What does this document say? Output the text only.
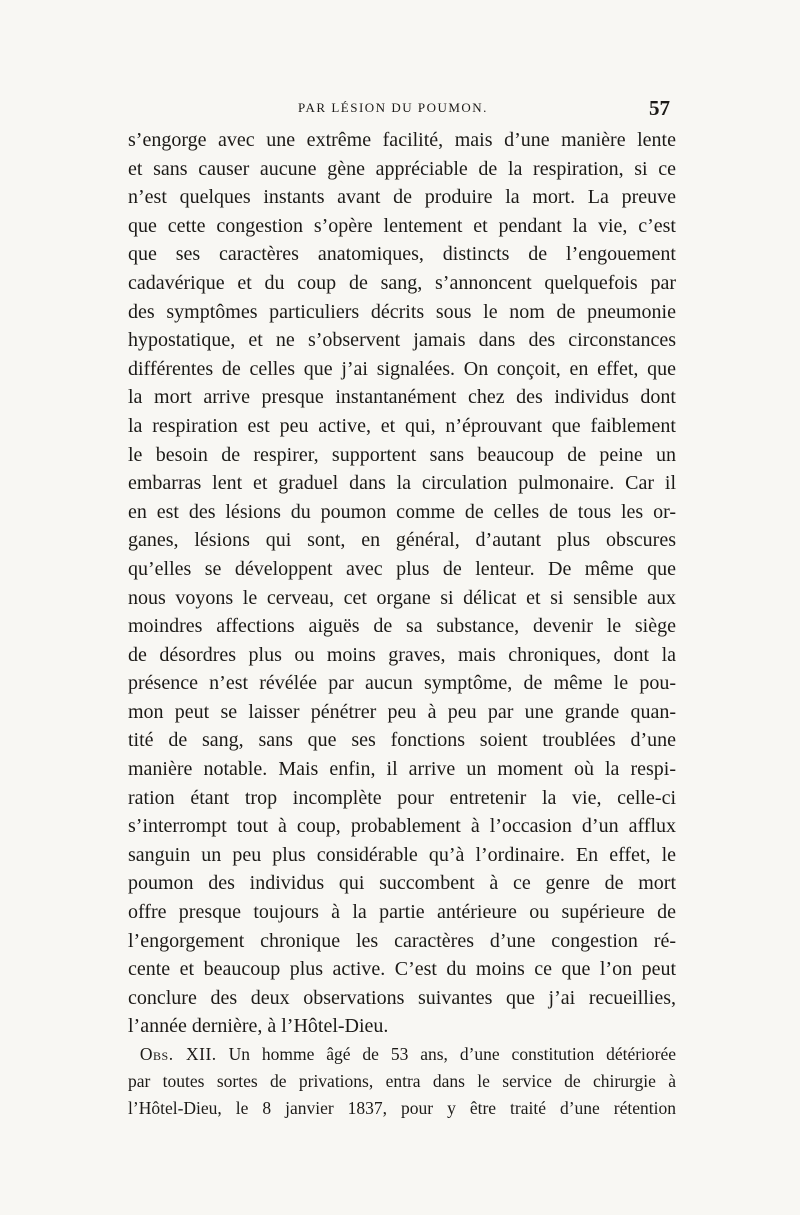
PAR LÉSION DU POUMON.	57
s’engorge avec une extrême facilité, mais d’une manière lente
et sans causer aucune gène appréciable de la respiration, si ce
n’est quelques instants avant de produire la mort. La preuve
que cette congestion s’opère lentement et pendant la vie, c’est
que ses caractères anatomiques, distincts de l’engouement
cadavérique et du coup de sang, s’annoncent quelquefois par
des symptômes particuliers décrits sous le nom de pneumonie
hypostatique, et ne s’observent jamais dans des circonstances
différentes de celles que j’ai signalées. On conçoit, en effet, que
la mort arrive presque instantanément chez des individus dont
la respiration est peu active, et qui, n’éprouvant que faiblement
le besoin de respirer, supportent sans beaucoup de peine un
embarras lent et graduel dans la circulation pulmonaire. Car il
en est des lésions du poumon comme de celles de tous les or-
ganes, lésions qui sont, en général, d’autant plus obscures
qu’elles se développent avec plus de lenteur. De même que
nous voyons le cerveau, cet organe si délicat et si sensible aux
moindres affections aiguës de sa substance, devenir le siège
de désordres plus ou moins graves, mais chroniques, dont la
présence n’est révélée par aucun symptôme, de même le pou-
mon peut se laisser pénétrer peu à peu par une grande quan-
tité de sang, sans que ses fonctions soient troublées d’une
manière notable. Mais enfin, il arrive un moment où la respi-
ration étant trop incomplète pour entretenir la vie, celle-ci
s’interrompt tout à coup, probablement à l’occasion d’un afflux
sanguin un peu plus considérable qu’à l’ordinaire. En effet, le
poumon des individus qui succombent à ce genre de mort
offre presque toujours à la partie antérieure ou supérieure de
l’engorgement chronique les caractères d’une congestion ré-
cente et beaucoup plus active. C’est du moins ce que l’on peut
conclure des deux observations suivantes que j’ai recueillies,
l’année dernière, à l’Hôtel-Dieu.
Obs. XII. Un homme âgé de 53 ans, d’une constitution détériorée
par toutes sortes de privations, entra dans le service de chirurgie à
l’Hôtel-Dieu, le 8 janvier 1837, pour y être traité d’une rétention
